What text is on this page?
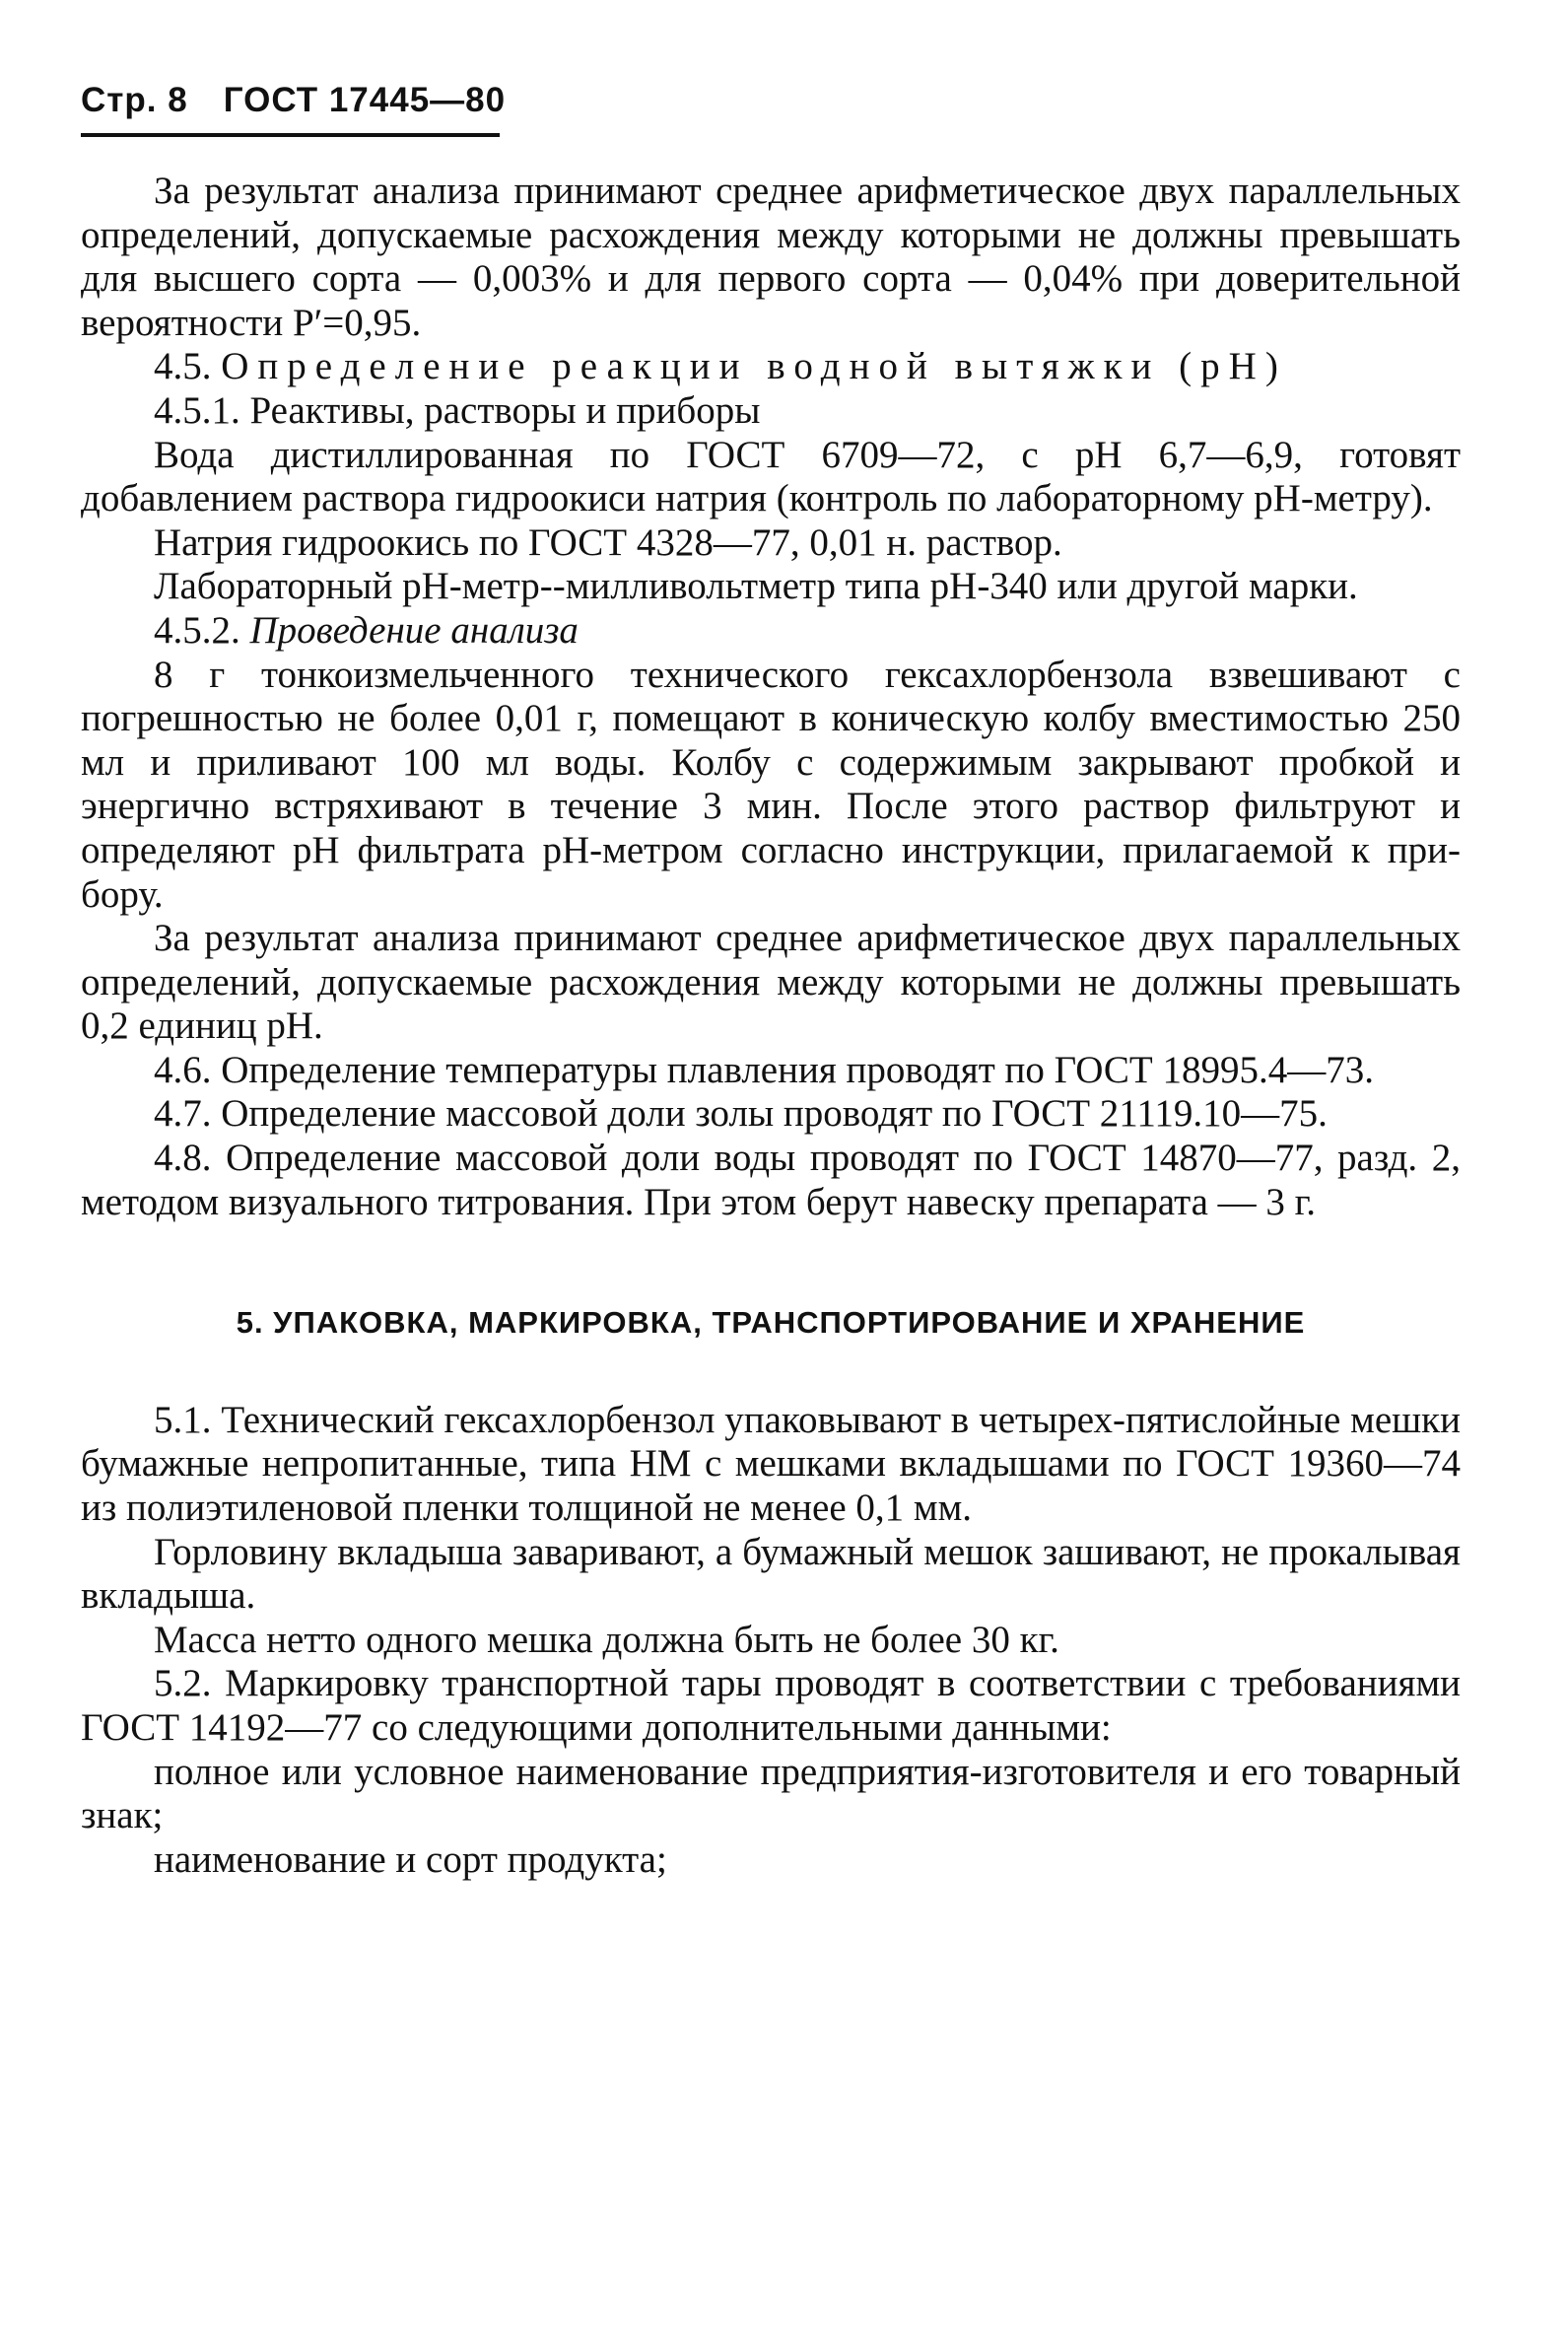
Стр. 8 ГОСТ 17445—80

За результат анализа принимают среднее арифметическое двух параллельных определений, допускаемые расхождения между которыми не должны превышать для высшего сорта — 0,003% и для первого сорта — 0,04% при доверительной вероятности P′=0,95.

4.5. Определение реакции водной вытяжки (рН)

4.5.1. Реактивы, растворы и приборы

Вода дистиллированная по ГОСТ 6709—72, с рН 6,7—6,9, готовят добавлением раствора гидроокиси натрия (контроль по лабораторному рН-метру).

Натрия гидроокись по ГОСТ 4328—77, 0,01 н. раствор.

Лабораторный рН-метр--милливольтметр типа рН-340 или другой марки.

4.5.2. Проведение анализа

8 г тонкоизмельченного технического гексахлорбензола взвешивают с погрешностью не более 0,01 г, помещают в коническую колбу вместимостью 250 мл и приливают 100 мл воды. Колбу с содержимым закрывают пробкой и энергично встряхивают в течение 3 мин. После этого раствор фильтруют и определяют рН фильтрата рН-метром согласно инструкции, прилагаемой к прибору.

За результат анализа принимают среднее арифметическое двух параллельных определений, допускаемые расхождения между которыми не должны превышать 0,2 единиц рН.

4.6. Определение температуры плавления проводят по ГОСТ 18995.4—73.

4.7. Определение массовой доли золы проводят по ГОСТ 21119.10—75.

4.8. Определение массовой доли воды проводят по ГОСТ 14870—77, разд. 2, методом визуального титрования. При этом берут навеску препарата — 3 г.

5. УПАКОВКА, МАРКИРОВКА, ТРАНСПОРТИРОВАНИЕ И ХРАНЕНИЕ

5.1. Технический гексахлорбензол упаковывают в четырех-пятислойные мешки бумажные непропитанные, типа НМ с мешками вкладышами по ГОСТ 19360—74 из полиэтиленовой пленки толщиной не менее 0,1 мм.

Горловину вкладыша заваривают, а бумажный мешок зашивают, не прокалывая вкладыша.

Масса нетто одного мешка должна быть не более 30 кг.

5.2. Маркировку транспортной тары проводят в соответствии с требованиями ГОСТ 14192—77 со следующими дополнительными данными:

полное или условное наименование предприятия-изготовителя и его товарный знак;

наименование и сорт продукта;
